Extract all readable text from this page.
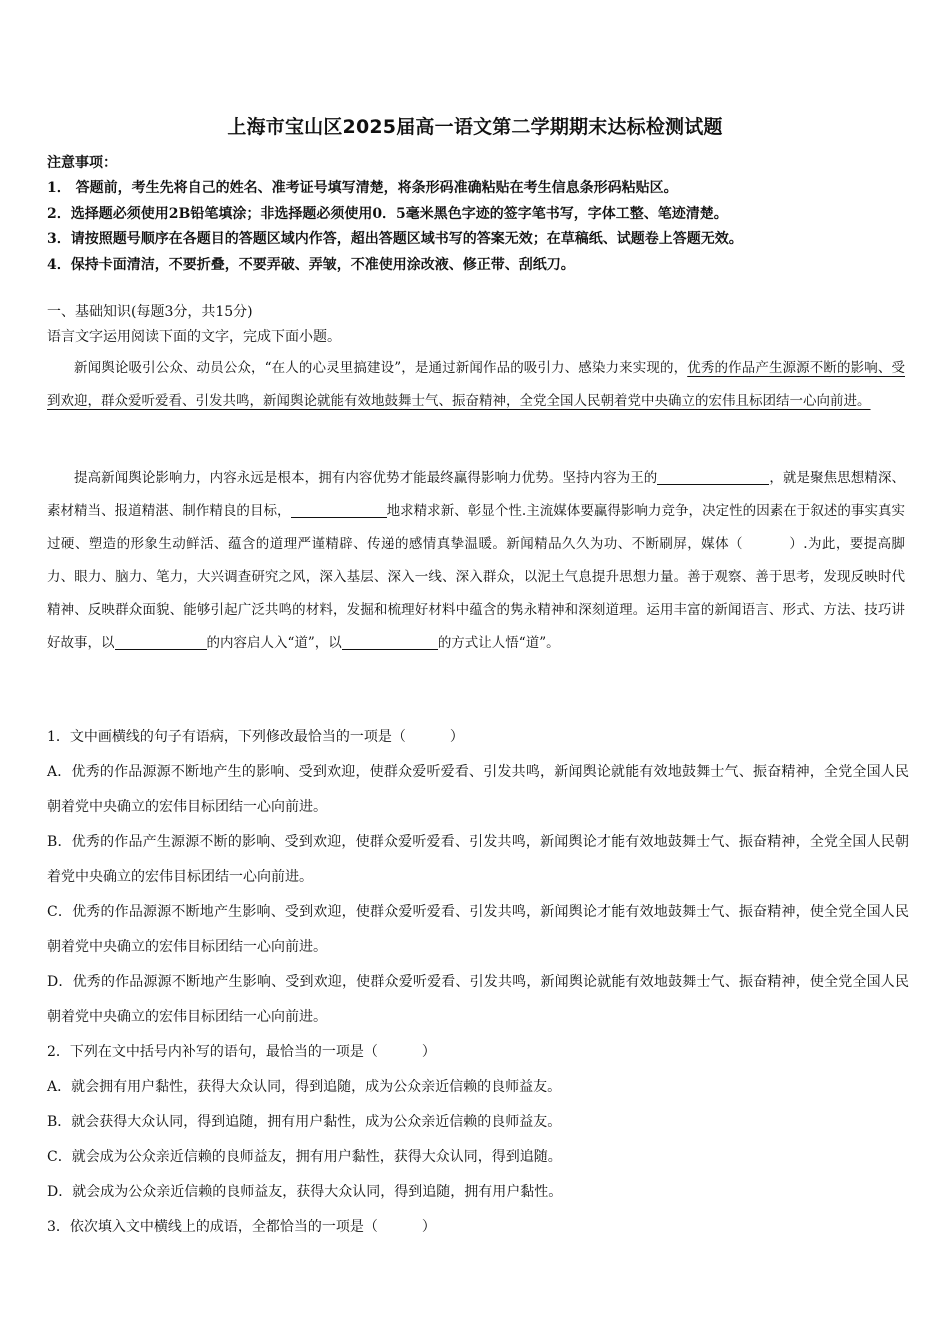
上海市宝山区2025届高一语文第二学期期末达标检测试题
注意事项：
1． 答题前，考生先将自己的姓名、准考证号填写清楚，将条形码准确粘贴在考生信息条形码粘贴区。
2．选择题必须使用2B铅笔填涂；非选择题必须使用0．5毫米黑色字迹的签字笔书写，字体工整、笔迹清楚。
3．请按照题号顺序在各题目的答题区域内作答，超出答题区域书写的答案无效；在草稿纸、试题卷上答题无效。
4．保持卡面清洁，不要折叠，不要弄破、弄皱，不准使用涂改液、修正带、刮纸刀。
一、基础知识(每题3分，共15分)
语言文字运用阅读下面的文字，完成下面小题。

新闻舆论吸引公众、动员公众，“在人的心灵里搞建设”，是通过新闻作品的吸引力、感染力来实现的，优秀的作品产生源源不断的影响、受到欢迎，群众爱听爱看、引发共鸣，新闻舆论就能有效地鼓舞士气、振奋精神，全党全国人民朝着党中央确立的宏伟且标团结一心向前进。

提高新闻舆论影响力，内容永远是根本，拥有内容优势才能最终赢得影响力优势。坚持内容为王的	，就是聚焦思想精深、素材精当、报道精湛、制作精良的目标，	地求精求新、彰显个性.主流媒体要赢得影响力竞争，决定性的因素在于叙述的事实真实过硬、塑造的形象生动鲜活、蕴含的道理严谨精辟、传递的感情真挚温暖。新闻精品久久为功、不断刷屏，媒体（	）.为此，要提高脚力、眼力、脑力、笔力，大兴调查研究之风，深入基层、深入一线、深入群众，以泥土气息提升思想力量。善于观察、善于思考，发现反映时代精神、反映群众面貌、能够引起广泛共鸣的材料，发掘和梳理好材料中蕴含的隽永精神和深刻道理。运用丰富的新闻语言、形式、方法、技巧讲好故事，以	的内容启人入“道”，以	的方式让人悟“道”。

1．文中画横线的句子有语病，下列修改最恰当的一项是（	）

A．优秀的作品源源不断地产生的影响、受到欢迎，使群众爱听爱看、引发共鸣，新闻舆论就能有效地鼓舞士气、振奋精神，全党全国人民朝着党中央确立的宏伟目标团结一心向前进。

B．优秀的作品产生源源不断的影响、受到欢迎，使群众爱听爱看、引发共鸣，新闻舆论才能有效地鼓舞士气、振奋精神，全党全国人民朝着党中央确立的宏伟目标团结一心向前进。

C．优秀的作品源源不断地产生影响、受到欢迎，使群众爱听爱看、引发共鸣，新闻舆论才能有效地鼓舞士气、振奋精神，使全党全国人民朝着党中央确立的宏伟目标团结一心向前进。

D．优秀的作品源源不断地产生影响、受到欢迎，使群众爱听爱看、引发共鸣，新闻舆论就能有效地鼓舞士气、振奋精神，使全党全国人民朝着党中央确立的宏伟目标团结一心向前进。

2．下列在文中括号内补写的语句，最恰当的一项是（	）

A．就会拥有用户黏性，获得大众认同，得到追随，成为公众亲近信赖的良师益友。

B．就会获得大众认同，得到追随，拥有用户黏性，成为公众亲近信赖的良师益友。

C．就会成为公众亲近信赖的良师益友，拥有用户黏性，获得大众认同，得到追随。

D．就会成为公众亲近信赖的良师益友，获得大众认同，得到追随，拥有用户黏性。

3．依次填入文中横线上的成语，全都恰当的一项是（	）
